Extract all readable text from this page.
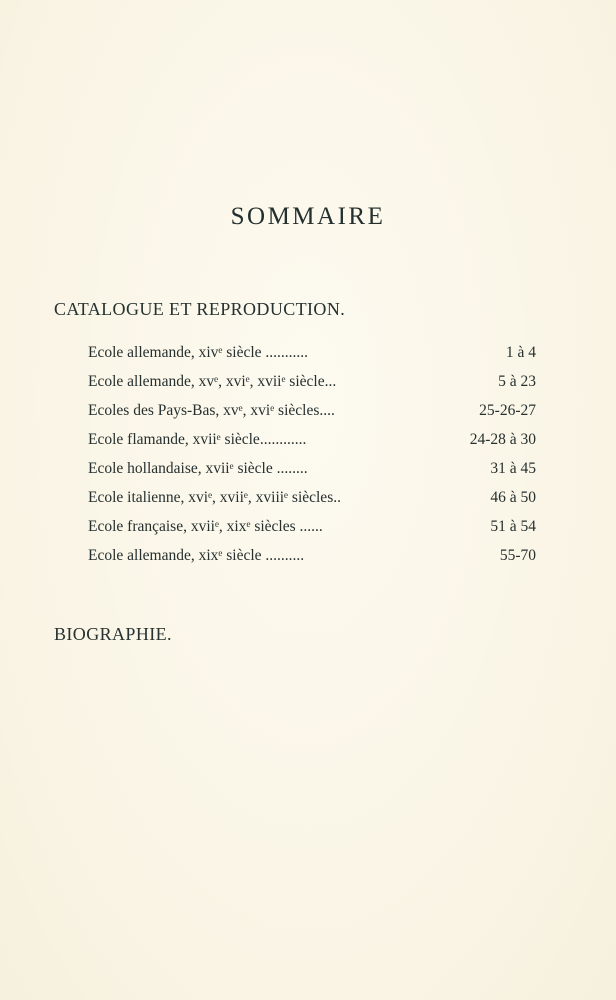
SOMMAIRE
CATALOGUE ET REPRODUCTION.
Ecole allemande, xivᵉ siècle ...........	1 à 4
Ecole allemande, xvᵉ, xviᵉ, xviiᵉ siècle...	5 à 23
Ecoles des Pays-Bas, xvᵉ, xviᵉ siècles....	25-26-27
Ecole flamande, xviiᵉ siècle............	24-28 à 30
Ecole hollandaise, xviiᵉ siècle ........	31 à 45
Ecole italienne, xviᵉ, xviiᵉ, xviiiᵉ siècles..	46 à 50
Ecole française, xviiᵉ, xixᵉ siècles ......	51 à 54
Ecole allemande, xixᵉ siècle ..........	55-70
BIOGRAPHIE.
